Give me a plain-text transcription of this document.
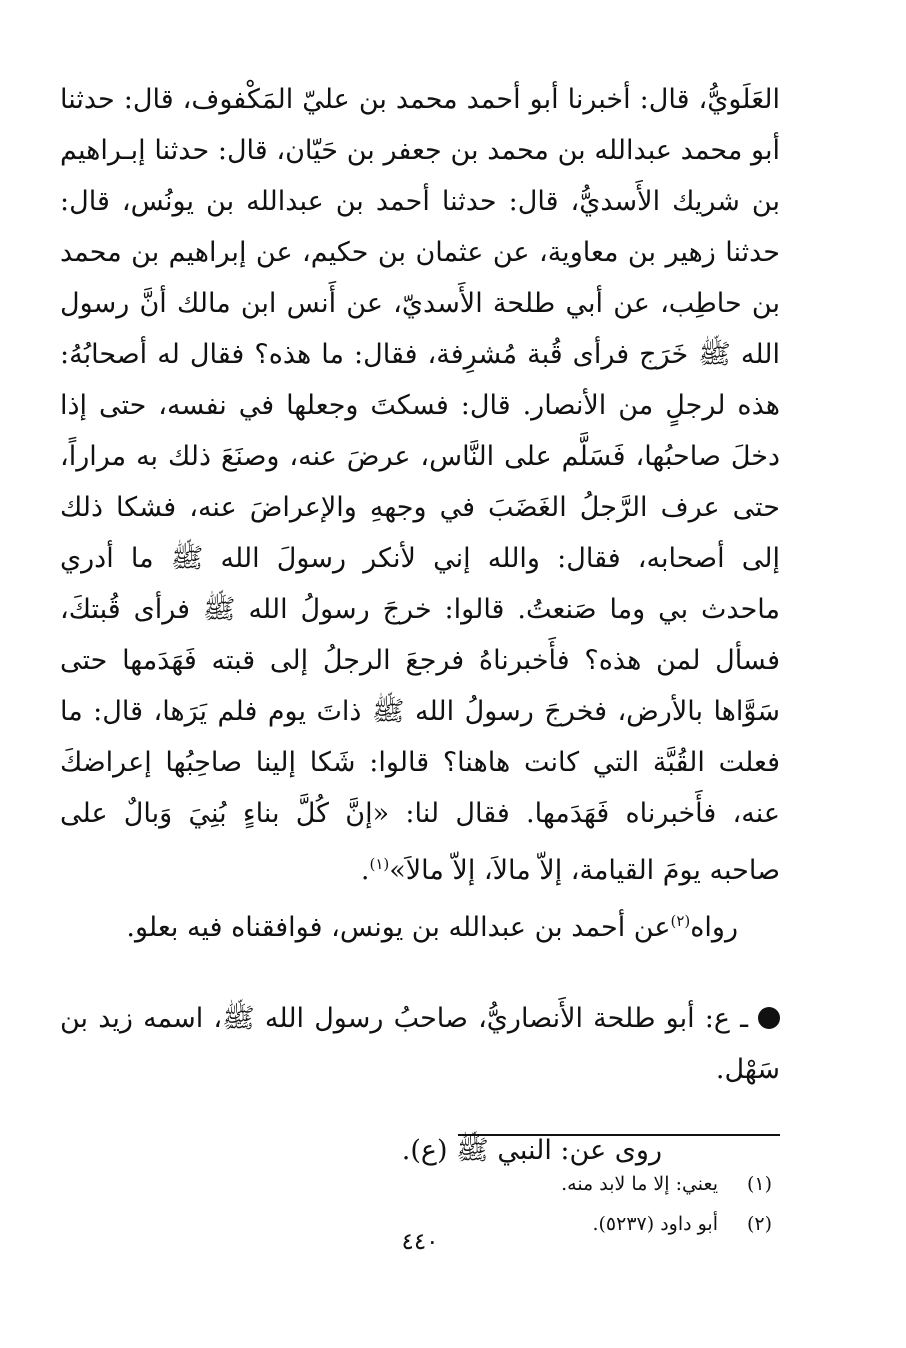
العَلَويُّ، قال: أخبرنا أبو أحمد محمد بن عليّ المَكْفوف، قال: حدثنا أبو محمد عبدالله بن محمد بن جعفر بن حَيّان، قال: حدثنا إبـراهيم بن شريك الأَسديُّ، قال: حدثنا أحمد بن عبدالله بن يونُس، قال: حدثنا زهير بن معاوية، عن عثمان بن حكيم، عن إبراهيم بن محمد بن حاطِب، عن أبي طلحة الأَسديّ، عن أَنس ابن مالك أنَّ رسول الله ﷺ خَرَج فرأى قُبة مُشرِفة، فقال: ما هذه؟ فقال له أصحابُهُ: هذه لرجلٍ من الأنصار. قال: فسكتَ وجعلها في نفسه، حتى إذا دخلَ صاحبُها، فَسَلَّم على النَّاس، عرضَ عنه، وصنَعَ ذلك به مراراً، حتى عرف الرَّجلُ الغَضَبَ في وجههِ والإعراضَ عنه، فشكا ذلك إلى أصحابه، فقال: والله إني لأنكر رسولَ الله ﷺ ما أدري ماحدث بي وما صَنعتُ. قالوا: خرجَ رسولُ الله ﷺ فرأى قُبتكَ، فسأل لمن هذه؟ فأَخبرناهُ فرجعَ الرجلُ إلى قبته فَهَدَمها حتى سَوَّاها بالأرض، فخرجَ رسولُ الله ﷺ ذاتَ يوم فلم يَرَها، قال: ما فعلت القُبَّة التي كانت هاهنا؟ قالوا: شَكا إلينا صاحِبُها إعراضكَ عنه، فأَخبرناه فَهَدَمها. فقال لنا: «إنَّ كُلَّ بناءٍ بُنِيَ وَبالٌ على صاحبه يومَ القيامة، إلاّ مالاَ، إلاّ مالاَ»$^{(١)}$.

رواه$^{(٢)}$عن أحمد بن عبدالله بن يونس، فوافقناه فيه بعلو.

ـ ع: أبو طلحة الأَنصاريُّ، صاحبُ رسول الله ﷺ، اسمه زيد بن سَهْل.

روى عن: النبي ﷺ (ع).

(١)
يعني: إلا ما لابد منه.
(٢)
أبو داود (٥٢٣٧).
٤٤٠
